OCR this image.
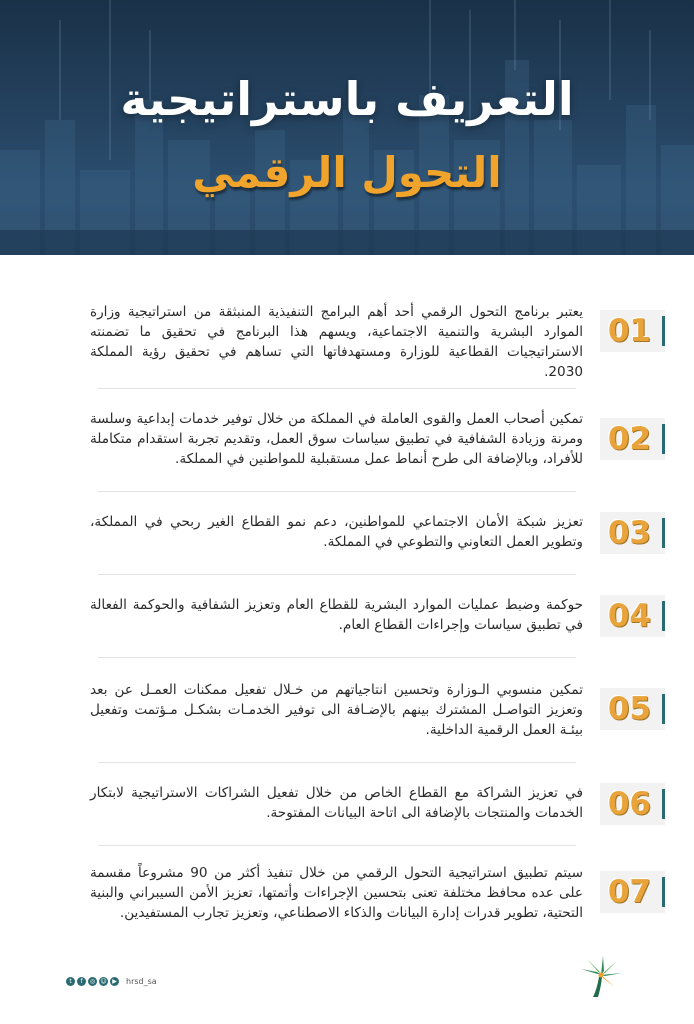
التعريف باستراتيجية
التحول الرقمي
01

يعتبر برنامج التحول الرقمي أحد أهم البرامج التنفيذية المنبثقة من استراتيجية وزارة الموارد البشرية والتنمية الاجتماعية، ويسهم هذا البرنامج في تحقيق ما تضمنته الاستراتيجيات القطاعية للوزارة ومستهدفاتها التي تساهم في تحقيق رؤية المملكة 2030.

02

تمكين أصحاب العمل والقوى العاملة في المملكة من خلال توفير خدمات إبداعية وسلسة ومرنة وزيادة الشفافية في تطبيق سياسات سوق العمل، وتقديم تجربة استقدام متكاملة للأفراد، وبالإضافة الى طرح أنماط عمل مستقبلية للمواطنين في المملكة.

03

تعزيز شبكة الأمان الاجتماعي للمواطنين، دعم نمو القطاع الغير ربحي في المملكة، وتطوير العمل التعاوني والتطوعي في المملكة.

04

حوكمة وضبط عمليات الموارد البشرية للقطاع العام وتعزيز الشفافية والحوكمة الفعالة في تطبيق سياسات وإجراءات القطاع العام.

05

تمكين منسوبي الـوزارة وتحسين انتاجياتهم من خـلال تفعيل ممكنات العمـل عن بعد وتعزيز التواصـل المشترك بينهم بالإضـافة الى توفير الخدمـات بشكـل مـؤتمت وتفعيل بيئـة العمل الرقمية الداخلية.

06

في تعزيز الشراكة مع القطاع الخاص من خلال تفعيل الشراكات الاستراتيجية لابتكار الخدمات والمنتجات بالإضافة الى اتاحة البيانات المفتوحة.

07

سيتم تطبيق استراتيجية التحول الرقمي من خلال تنفيذ أكثر من 90 مشروعاً مقسمة على عده محافظ مختلفة تعنى بتحسين الإجراءات وأتمتها، تعزيز الأمن السيبراني والبنية التحتية، تطوير قدرات إدارة البيانات والذكاء الاصطناعي، وتعزيز تجارب المستفيدين.

t	f	◎ ☺ ▶ hrsd_sa
